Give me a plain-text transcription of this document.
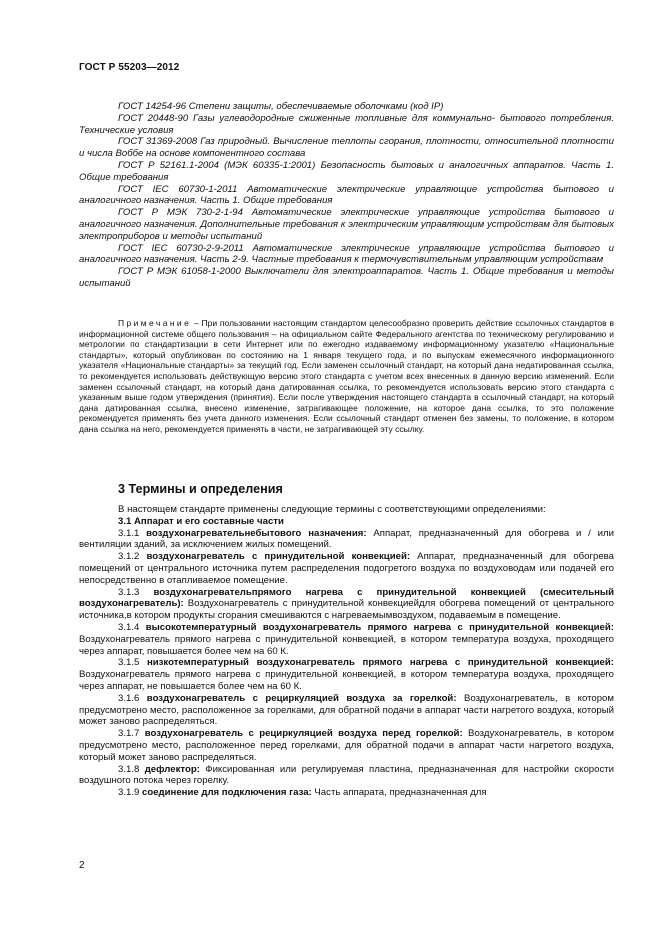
ГОСТ Р 55203—2012

ГОСТ 14254-96 Степени защиты, обеспечиваемые оболочками (код IP)

ГОСТ 20448-90 Газы углеводородные сжиженные топливные для коммунально- бытового потребления. Технические условия

ГОСТ 31369-2008 Газ природный. Вычисление теплоты сгорания, плотности, относительной плотности и числа Воббе на основе компонентного состава

ГОСТ Р 52161.1-2004 (МЭК 60335-1:2001) Безопасность бытовых и аналогичных аппаратов. Часть 1. Общие требования

ГОСТ IEC 60730-1-2011 Автоматические электрические управляющие устройства бытового и аналогичного назначения. Часть 1. Общие требования

ГОСТ Р МЭК 730-2-1-94 Автоматические электрические управляющие устройства бытового и аналогичного назначения. Дополнительные требования к электрическим управляющим устройствам для бытовых электроприборов и методы испытаний

ГОСТ IEC 60730-2-9-2011 Автоматические электрические управляющие устройства бытового и аналогичного назначения. Часть 2-9. Частные требования к термочувствительным управляющим устройствам

ГОСТ Р МЭК 61058-1-2000 Выключатели для электроаппаратов. Часть 1. Общие требования и методы испытаний

Примечание – При пользовании настоящим стандартом целесообразно проверить действие ссылочных стандартов в информационной системе общего пользования – на официальном сайте Федерального агентства по техническому регулированию и метрологии по стандартизации в сети Интернет или по ежегодно издаваемому информационному указателю «Национальные стандарты», который опубликован по состоянию на 1 января текущего года, и по выпускам ежемесячного информационного указателя «Национальные стандарты» за текущий год. Если заменен ссылочный стандарт, на который дана недатированная ссылка, то рекомендуется использовать действующую версию этого стандарта с учетом всех внесенных в данную версию изменений. Если заменен ссылочный стандарт, на который дана датированная ссылка, то рекомендуется использовать версию этого стандарта с указанным выше годом утверждения (принятия). Если после утверждения настоящего стандарта в ссылочный стандарт, на который дана датированная ссылка, внесено изменение, затрагивающее положение, на которое дана ссылка, то это положение рекомендуется применять без учета данного изменения. Если ссылочный стандарт отменен без замены, то положение, в котором дана ссылка на него, рекомендуется применять в части, не затрагивающей эту ссылку.

3 Термины и определения

В настоящем стандарте применены следующие термины с соответствующими определениями:

3.1 Аппарат и его составные части

3.1.1 воздухонагревательнебытового назначения: Аппарат, предназначенный для обогрева и / или вентиляции зданий, за исключением жилых помещений.

3.1.2 воздухонагреватель с принудительной конвекцией: Аппарат, предназначенный для обогрева помещений от центрального источника путем распределения подогретого воздуха по воздуховодам или подачей его непосредственно в отапливаемое помещение.

3.1.3 воздухонагревательпрямого нагрева с принудительной конвекцией (смесительный воздухонагреватель): Воздухонагреватель с принудительной конвекциейдля обогрева помещений от центрального источника,в котором продукты сгорания смешиваются с нагреваемымвоздухом, подаваемым в помещение.

3.1.4 высокотемпературный воздухонагреватель прямого нагрева с принудительной конвекцией: Воздухонагреватель прямого нагрева с принудительной конвекцией, в котором температура воздуха, проходящего через аппарат, повышается более чем на 60 К.

3.1.5 низкотемпературный воздухонагреватель прямого нагрева с принудительной конвекцией: Воздухонагреватель прямого нагрева с принудительной конвекцией, в котором температура воздуха, проходящего через аппарат, не повышается более чем на 60 К.

3.1.6 воздухонагреватель с рециркуляцией воздуха за горелкой: Воздухонагреватель, в котором предусмотрено место, расположенное за горелками, для обратной подачи в аппарат части нагретого воздуха, который может заново распределяться.

3.1.7 воздухонагреватель с рециркуляцией воздуха перед горелкой: Воздухонагреватель, в котором предусмотрено место, расположенное перед горелками, для обратной подачи в аппарат части нагретого воздуха, который может заново распределяться.

3.1.8 дефлектор: Фиксированная или регулируемая пластина, предназначенная для настройки скорости воздушного потока через горелку.

3.1.9 соединение для подключения газа: Часть аппарата, предназначенная для

2
